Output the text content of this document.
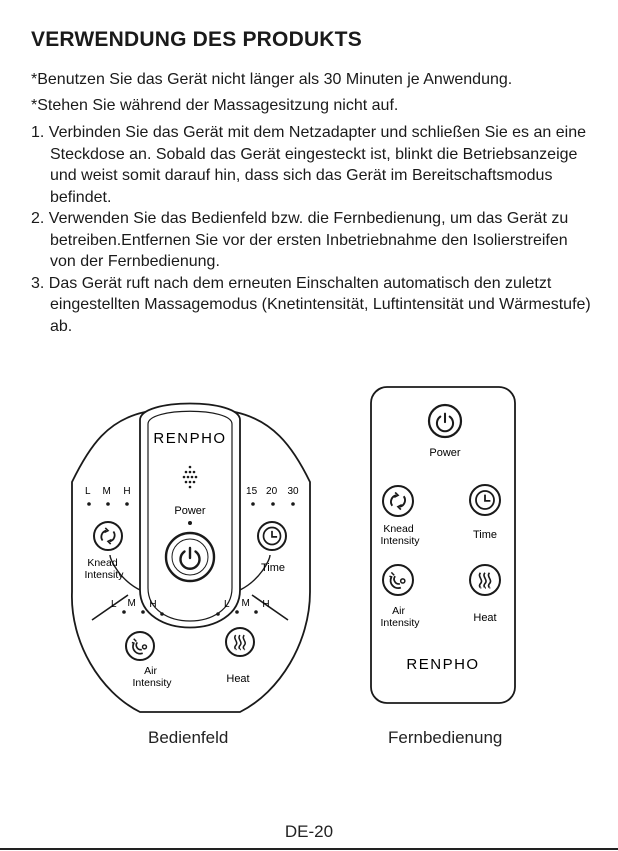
VERWENDUNG DES PRODUKTS
*Benutzen Sie das Gerät nicht länger als 30 Minuten je Anwendung.
*Stehen Sie während der Massagesitzung nicht auf.
1. Verbinden Sie das Gerät mit dem Netzadapter und schließen Sie es an eine Steckdose an. Sobald das Gerät eingesteckt ist, blinkt die Betriebsanzeige und weist somit darauf hin, dass sich das Gerät im Bereitschaftsmodus befindet.
2. Verwenden Sie das Bedienfeld bzw. die Fernbedienung, um das Gerät zu betreiben.Entfernen Sie vor der ersten Inbetriebnahme den Isolierstreifen von der Fernbedienung.
3. Das Gerät ruft nach dem erneuten Einschalten automatisch den zuletzt eingestellten Massagemodus (Knetintensität, Luftintensität und Wärmestufe) ab.
RENPHO
Power
L M H
Knead Intensity
15 20 30
Time
L M H
Air Intensity
L M H
Heat
Power
Knead Intensity	Time
Air Intensity	Heat
RENPHO
Bedienfeld	Fernbedienung
DE-20
